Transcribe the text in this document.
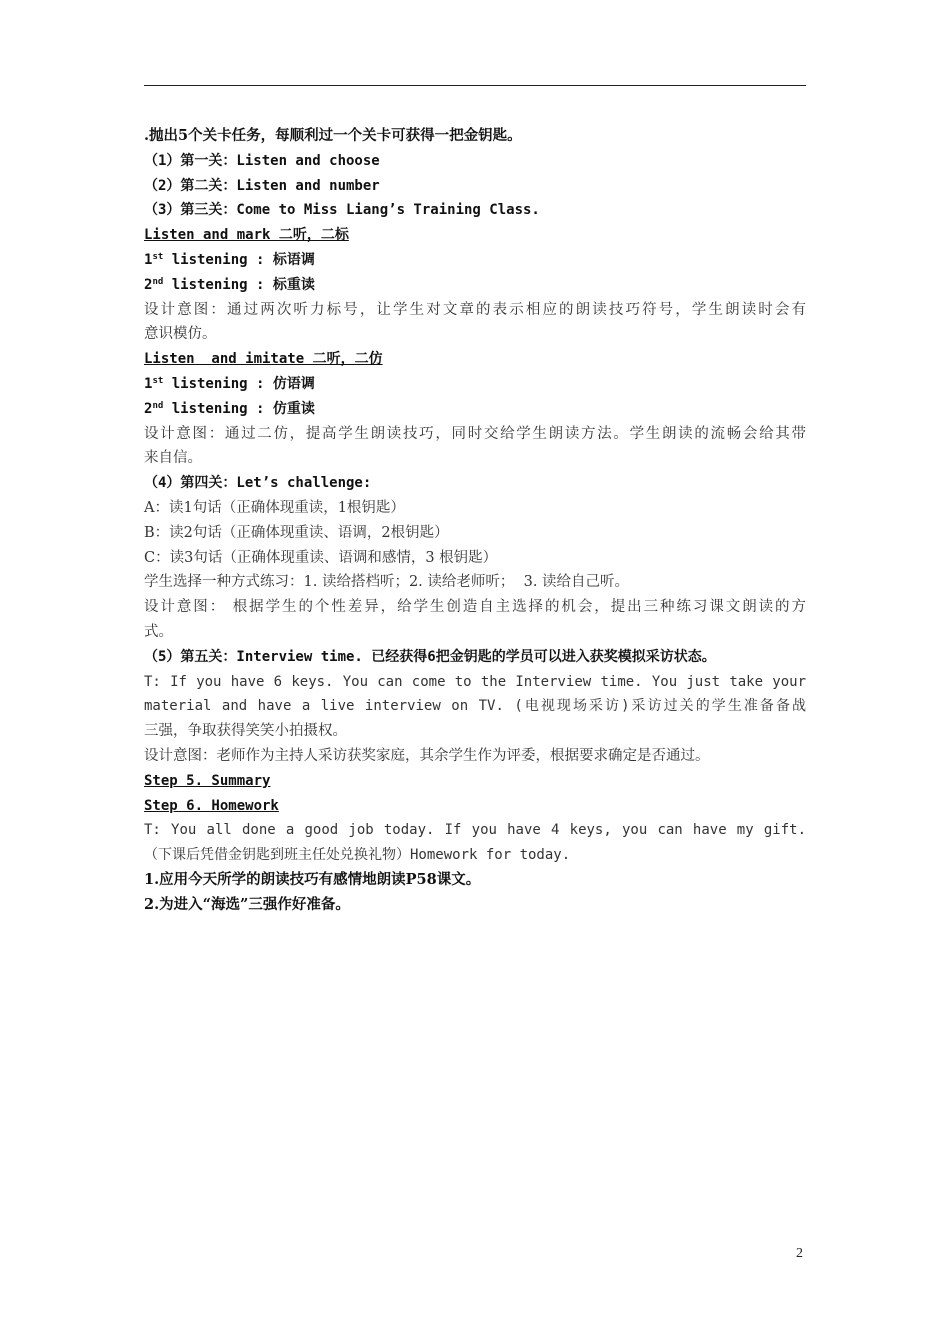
.抛出5个关卡任务，每顺利过一个关卡可获得一把金钥匙。
（1）第一关：Listen and choose
（2）第二关：Listen and number
（3）第三关：Come to Miss Liang’s Training Class.
Listen and mark 二听，二标
1st listening : 标语调
2nd listening : 标重读
设计意图：通过两次听力标号，让学生对文章的表示相应的朗读技巧符号，学生朗读时会有
意识模仿。
Listen  and imitate 二听，二仿
1st listening : 仿语调
2nd listening : 仿重读
设计意图：通过二仿，提高学生朗读技巧，同时交给学生朗读方法。学生朗读的流畅会给其带
来自信。
（4）第四关：Let’s challenge:
A：读1句话（正确体现重读，1根钥匙）
B：读2句话（正确体现重读、语调，2根钥匙）
C：读3句话（正确体现重读、语调和感情，3 根钥匙）
学生选择一种方式练习：1. 读给搭档听；2. 读给老师听；  3. 读给自己听。
设计意图： 根据学生的个性差异，给学生创造自主选择的机会，提出三种练习课文朗读的方
式。
（5）第五关：Interview time. 已经获得6把金钥匙的学员可以进入获奖模拟采访状态。
T: If you have 6 keys. You can come to the Interview time. You just take your
material and have a live interview on TV. (电视现场采访)采访过关的学生准备备战
三强，争取获得笑笑小拍摄权。
设计意图：老师作为主持人采访获奖家庭，其余学生作为评委，根据要求确定是否通过。
Step 5. Summary
Step 6. Homework
T: You all done a good job today. If you have 4 keys, you can have my gift.
（下课后凭借金钥匙到班主任处兑换礼物）Homework for today.
1.应用今天所学的朗读技巧有感情地朗读P58课文。
2.为进入“海选”三强作好准备。
2
